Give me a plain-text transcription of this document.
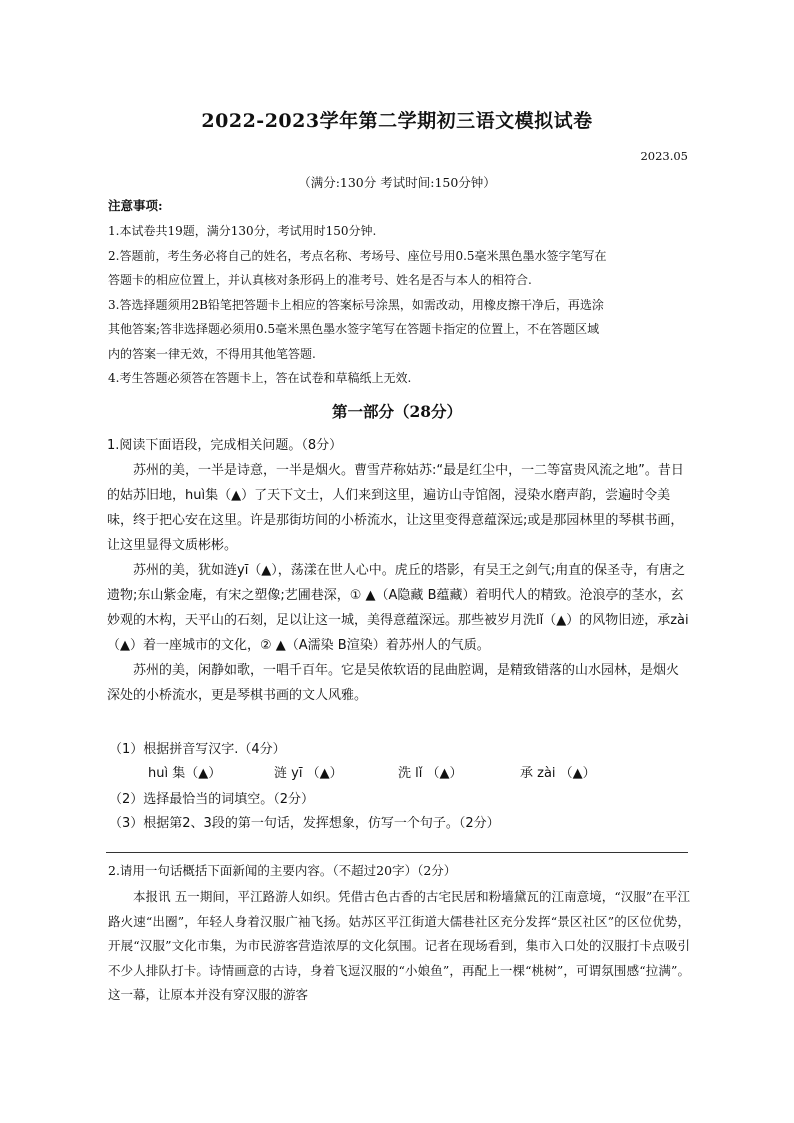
2022-2023学年第二学期初三语文模拟试卷
2023.05
（满分:130分 考试时间:150分钟）
注意事项:
1.本试卷共19题，满分130分，考试用时150分钟.
2.答题前，考生务必将自己的姓名，考点名称、考场号、座位号用0.5毫米黑色墨水签字笔写在
答题卡的相应位置上，并认真核对条形码上的准考号、姓名是否与本人的相符合.
3.答选择题须用2B铅笔把答题卡上相应的答案标号涂黑，如需改动，用橡皮擦干净后，再选涂
其他答案;答非选择题必须用0.5毫米黑色墨水签字笔写在答题卡指定的位置上，不在答题区域
内的答案一律无效，不得用其他笔答题.
4.考生答题必须答在答题卡上，答在试卷和草稿纸上无效.
第一部分（28分）
1.阅读下面语段，完成相关问题。（8分）

苏州的美，一半是诗意，一半是烟火。曹雪芹称姑苏:“最是红尘中，一二等富贵风流之地”。昔日的姑苏旧地，huì集（▲）了天下文士，人们来到这里，遍访山寺馆阁，浸染水磨声韵，尝遍时令美味，终于把心安在这里。许是那街坊间的小桥流水，让这里变得意蕴深远;或是那园林里的琴棋书画，让这里显得文质彬彬。

苏州的美，犹如涟yī（▲），荡漾在世人心中。虎丘的塔影，有吴王之剑气;甪直的保圣寺，有唐之遗物;东山紫金庵，有宋之塑像;艺圃巷深，① ▲（A隐藏 B蕴藏）着明代人的精致。沧浪亭的茎水，玄妙观的木构，天平山的石刻，足以让这一城，美得意蕴深远。那些被岁月洗lǐ（▲）的风物旧迹，承zài（▲）着一座城市的文化，② ▲（A濡染 B渲染）着苏州人的气质。

苏州的美，闲静如歌，一唱千百年。它是吴侬软语的昆曲腔调，是精致错落的山水园林，是烟火深处的小桥流水，更是琴棋书画的文人风雅。

（1）根据拼音写汉字.（4分）
huì 集（▲）	涟 yī （▲）	洗 lǐ （▲）	承 zài （▲）
（2）选择最恰当的词填空。（2分）
（3）根据第2、3段的第一句话，发挥想象，仿写一个句子。（2分）
2.请用一句话概括下面新闻的主要内容。（不超过20字）（2分）

本报讯 五一期间，平江路游人如织。凭借古色古香的古宅民居和粉墙黛瓦的江南意境，“汉服”在平江路火速“出圈”，年轻人身着汉服广袖飞扬。姑苏区平江街道大儒巷社区充分发挥“景区社区”的区位优势，开展“汉服”文化市集，为市民游客营造浓厚的文化氛围。记者在现场看到，集市入口处的汉服打卡点吸引不少人排队打卡。诗情画意的古诗，身着飞逗汉服的“小娘鱼”，再配上一棵“桃树”，可谓氛围感“拉满”。这一幕，让原本并没有穿汉服的游客
